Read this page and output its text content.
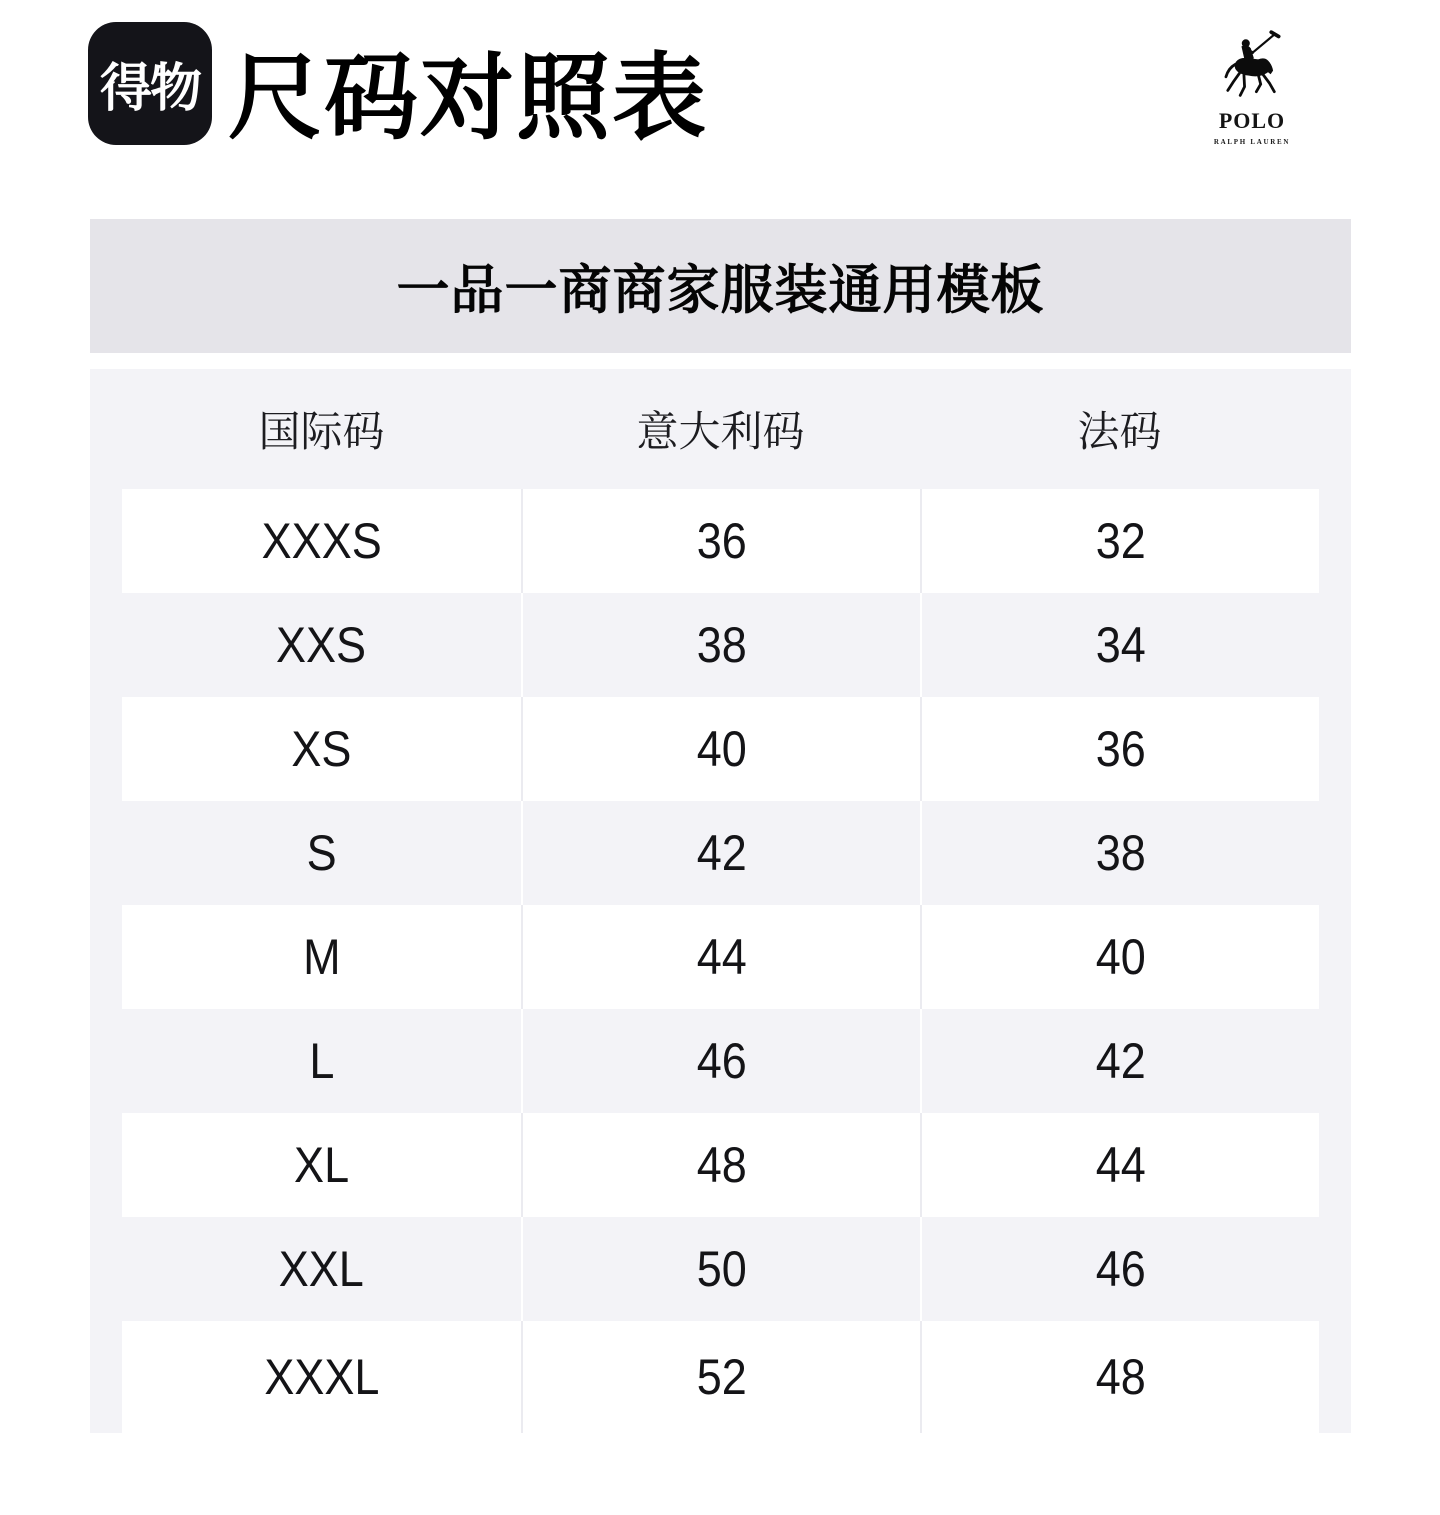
得物 尺码对照表	POLO
RALPH LAUREN
一品一商商家服装通用模板
国际码	意大利码	法码
XXXS	36	32
XXS	38	34
XS	40	36
S	42	38
M	44	40
L	46	42
XL	48	44
XXL	50	46
XXXL	52	48
